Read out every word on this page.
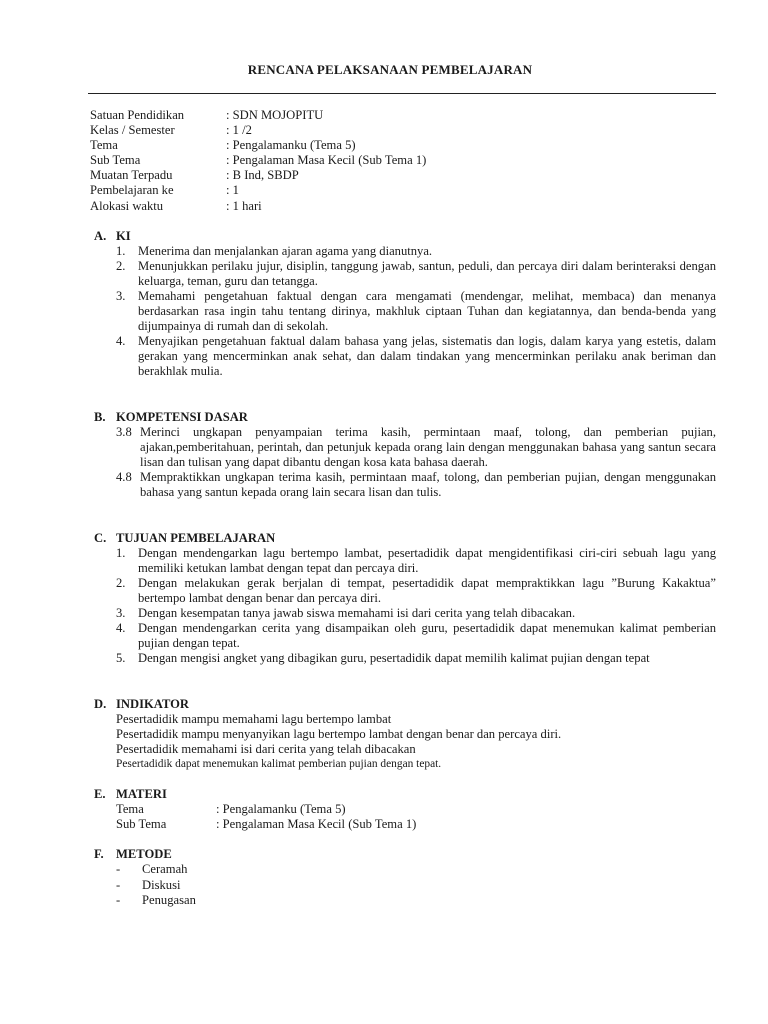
RENCANA PELAKSANAAN PEMBELAJARAN
Satuan Pendidikan	: SDN MOJOPITU
Kelas / Semester	: 1 /2
Tema	: Pengalamanku (Tema 5)
Sub Tema	: Pengalaman Masa Kecil (Sub Tema 1)
Muatan Terpadu	: B Ind, SBDP
Pembelajaran ke	: 1
Alokasi waktu	: 1 hari
A. KI
1. Menerima dan menjalankan ajaran agama yang dianutnya.
2. Menunjukkan perilaku jujur, disiplin, tanggung jawab, santun, peduli, dan percaya diri dalam berinteraksi dengan keluarga, teman, guru dan tetangga.
3. Memahami pengetahuan faktual dengan cara mengamati (mendengar, melihat, membaca) dan menanya berdasarkan rasa ingin tahu tentang dirinya, makhluk ciptaan Tuhan dan kegiatannya, dan benda-benda yang dijumpainya di rumah dan di sekolah.
4. Menyajikan pengetahuan faktual dalam bahasa yang jelas, sistematis dan logis, dalam karya yang estetis, dalam gerakan yang mencerminkan anak sehat, dan dalam tindakan yang mencerminkan perilaku anak beriman dan berakhlak mulia.
B. KOMPETENSI DASAR
3.8 Merinci ungkapan penyampaian terima kasih, permintaan maaf, tolong, dan pemberian pujian, ajakan,pemberitahuan, perintah, dan petunjuk kepada orang lain dengan menggunakan bahasa yang santun secara lisan dan tulisan yang dapat dibantu dengan kosa kata bahasa daerah.
4.8 Mempraktikkan ungkapan terima kasih, permintaan maaf, tolong, dan pemberian pujian, dengan menggunakan bahasa yang santun kepada orang lain secara lisan dan tulis.
C. TUJUAN PEMBELAJARAN
1. Dengan mendengarkan lagu bertempo lambat, pesertadidik dapat mengidentifikasi ciri-ciri sebuah lagu yang memiliki ketukan lambat dengan tepat dan percaya diri.
2. Dengan melakukan gerak berjalan di tempat, pesertadidik dapat mempraktikkan lagu ”Burung Kakaktua” bertempo lambat dengan benar dan percaya diri.
3. Dengan kesempatan tanya jawab siswa memahami isi dari cerita yang telah dibacakan.
4. Dengan mendengarkan cerita yang disampaikan oleh guru, pesertadidik dapat menemukan kalimat pemberian pujian dengan tepat.
5. Dengan mengisi angket yang dibagikan guru, pesertadidik dapat memilih kalimat pujian dengan tepat
D. INDIKATOR
Pesertadidik mampu memahami lagu bertempo lambat
Pesertadidik mampu menyanyikan lagu bertempo lambat dengan benar dan percaya diri.
Pesertadidik memahami isi dari cerita yang telah dibacakan
Pesertadidik dapat menemukan kalimat pemberian pujian dengan tepat.
E. MATERI
Tema	: Pengalamanku (Tema 5)
Sub Tema	: Pengalaman Masa Kecil (Sub Tema 1)
F. METODE
-	Ceramah
-	Diskusi
-	Penugasan
